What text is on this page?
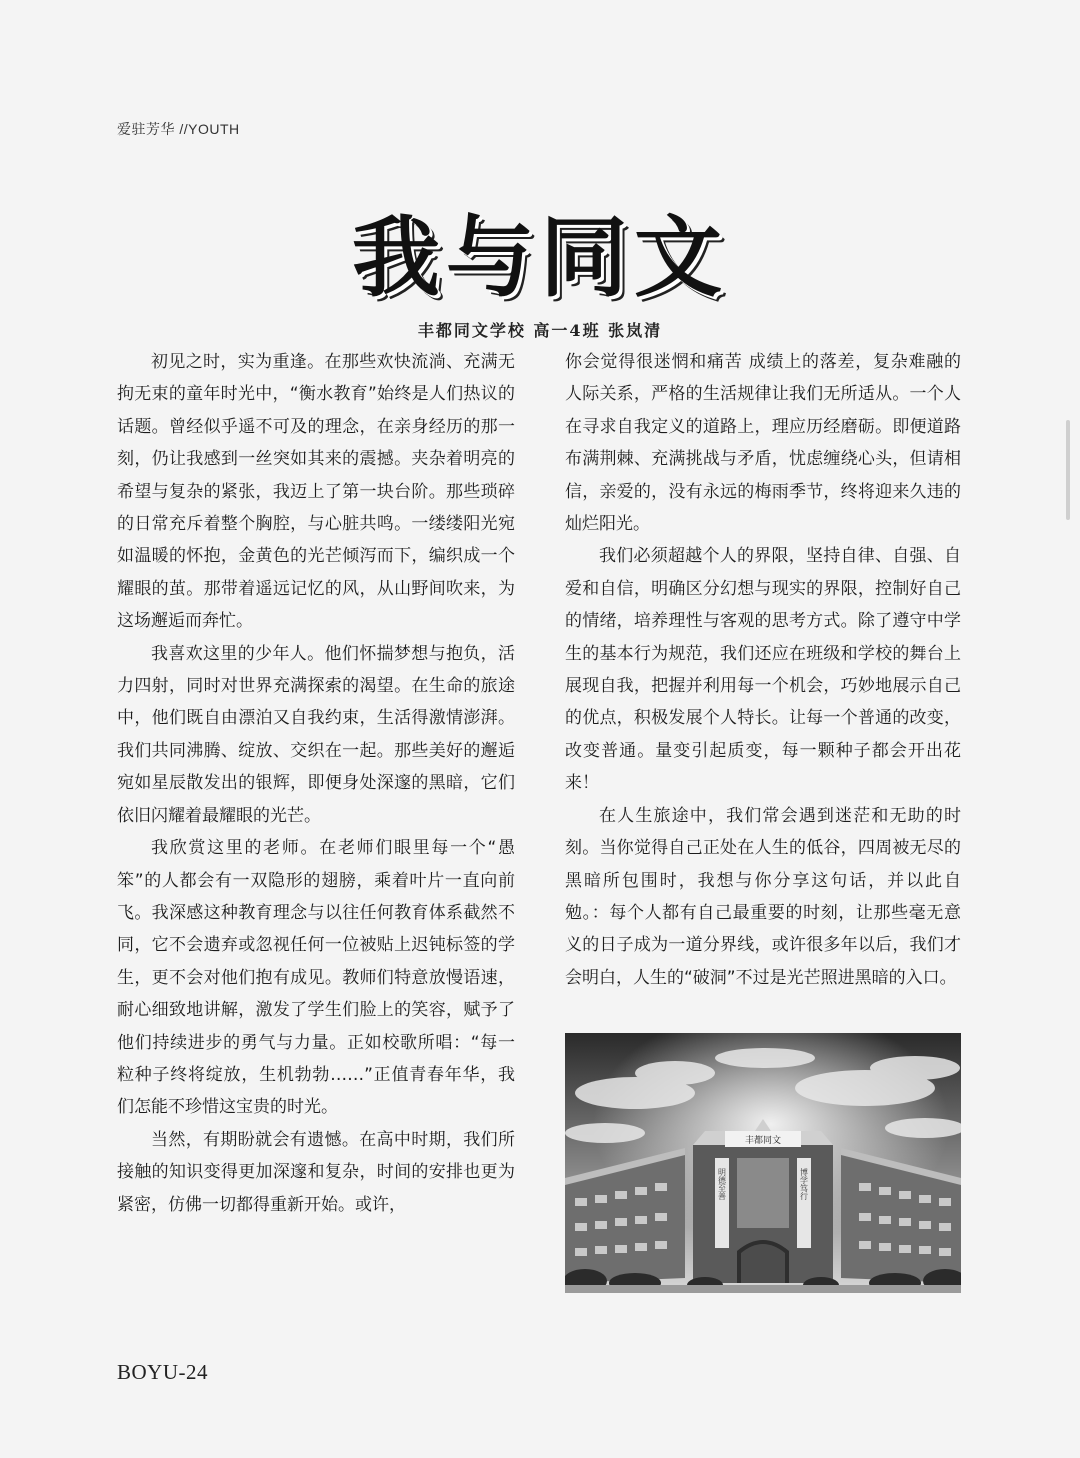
爱驻芳华 //YOUTH
我与同文
丰都同文学校 高一4班 张岚清

初见之时，实为重逢。在那些欢快流淌、充满无拘无束的童年时光中，“衡水教育”始终是人们热议的话题。曾经似乎遥不可及的理念，在亲身经历的那一刻，仍让我感到一丝突如其来的震撼。夹杂着明亮的希望与复杂的紧张，我迈上了第一块台阶。那些琐碎的日常充斥着整个胸腔，与心脏共鸣。一缕缕阳光宛如温暖的怀抱，金黄色的光芒倾泻而下，编织成一个耀眼的茧。那带着遥远记忆的风，从山野间吹来，为这场邂逅而奔忙。

我喜欢这里的少年人。他们怀揣梦想与抱负，活力四射，同时对世界充满探索的渴望。在生命的旅途中，他们既自由漂泊又自我约束，生活得激情澎湃。我们共同沸腾、绽放、交织在一起。那些美好的邂逅宛如星辰散发出的银辉，即便身处深邃的黑暗，它们依旧闪耀着最耀眼的光芒。

我欣赏这里的老师。在老师们眼里每一个“愚笨”的人都会有一双隐形的翅膀，乘着叶片一直向前飞。我深感这种教育理念与以往任何教育体系截然不同，它不会遗弃或忽视任何一位被贴上迟钝标签的学生，更不会对他们抱有成见。教师们特意放慢语速，耐心细致地讲解，激发了学生们脸上的笑容，赋予了他们持续进步的勇气与力量。正如校歌所唱：“每一粒种子终将绽放，生机勃勃……”正值青春年华，我们怎能不珍惜这宝贵的时光。

当然，有期盼就会有遗憾。在高中时期，我们所接触的知识变得更加深邃和复杂，时间的安排也更为紧密，仿佛一切都得重新开始。或许，

你会觉得很迷惘和痛苦 成绩上的落差，复杂难融的人际关系，严格的生活规律让我们无所适从。一个人在寻求自我定义的道路上，理应历经磨砺。即便道路布满荆棘、充满挑战与矛盾，忧虑缠绕心头，但请相信，亲爱的，没有永远的梅雨季节，终将迎来久违的灿烂阳光。

我们必须超越个人的界限，坚持自律、自强、自爱和自信，明确区分幻想与现实的界限，控制好自己的情绪，培养理性与客观的思考方式。除了遵守中学生的基本行为规范，我们还应在班级和学校的舞台上展现自我，把握并利用每一个机会，巧妙地展示自己的优点，积极发展个人特长。让每一个普通的改变，改变普通。量变引起质变，每一颗种子都会开出花来！

在人生旅途中，我们常会遇到迷茫和无助的时刻。当你觉得自己正处在人生的低谷，四周被无尽的黑暗所包围时，我想与你分享这句话，并以此自勉。：每个人都有自己最重要的时刻，让那些毫无意义的日子成为一道分界线，或许很多年以后，我们才会明白，人生的“破洞”不过是光芒照进黑暗的入口。

丰都同文
明德至善	博学笃行
BOYU-24
